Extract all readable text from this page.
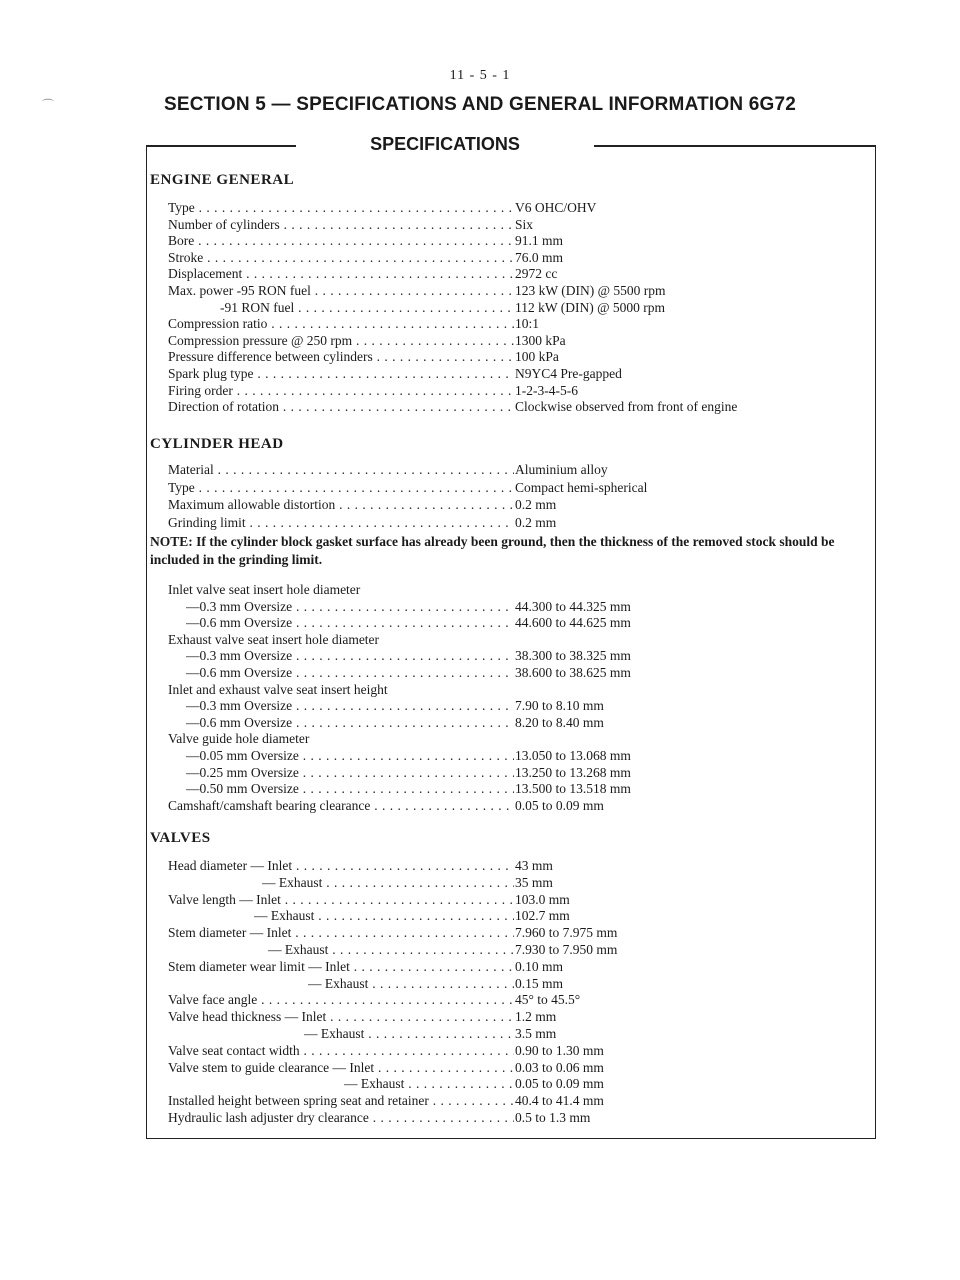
11 - 5 - 1
SECTION 5 — SPECIFICATIONS AND GENERAL INFORMATION 6G72
SPECIFICATIONS
ENGINE GENERAL
Type . . .	V6 OHC/OHV
Number of cylinders . . .	Six
Bore . . .	91.1 mm
Stroke . . .	76.0 mm
Displacement . . .	2972 cc
Max. power -95 RON fuel . . .	123 kW (DIN) @ 5500 rpm
-91 RON fuel . . .	112 kW (DIN) @ 5000 rpm
Compression ratio . . .	10:1
Compression pressure @ 250 rpm . . .	1300 kPa
Pressure difference between cylinders . . .	100 kPa
Spark plug type . . .	N9YC4 Pre-gapped
Firing order . . .	1-2-3-4-5-6
Direction of rotation . . .	Clockwise observed from front of engine
CYLINDER HEAD
Material . . .	Aluminium alloy
Type . . .	Compact hemi-spherical
Maximum allowable distortion . . .	0.2 mm
Grinding limit . . .	0.2 mm
NOTE: If the cylinder block gasket surface has already been ground, then the thickness of the removed stock should be included in the grinding limit.
Inlet valve seat insert hole diameter
—0.3 mm Oversize . . .	44.300 to 44.325 mm
—0.6 mm Oversize . . .	44.600 to 44.625 mm
Exhaust valve seat insert hole diameter
—0.3 mm Oversize . . .	38.300 to 38.325 mm
—0.6 mm Oversize . . .	38.600 to 38.625 mm
Inlet and exhaust valve seat insert height
—0.3 mm Oversize . . .	7.90 to 8.10 mm
—0.6 mm Oversize . . .	8.20 to 8.40 mm
Valve guide hole diameter
—0.05 mm Oversize . . .	13.050 to 13.068 mm
—0.25 mm Oversize . . .	13.250 to 13.268 mm
—0.50 mm Oversize . . .	13.500 to 13.518 mm
Camshaft/camshaft bearing clearance . . .	0.05 to 0.09 mm
VALVES
Head diameter — Inlet . . .	43 mm
— Exhaust . . .	35 mm
Valve length — Inlet . . .	103.0 mm
— Exhaust . . .	102.7 mm
Stem diameter — Inlet . . .	7.960 to 7.975 mm
— Exhaust . . .	7.930 to 7.950 mm
Stem diameter wear limit — Inlet . . .	0.10 mm
— Exhaust . . .	0.15 mm
Valve face angle . . .	45° to 45.5°
Valve head thickness — Inlet . . .	1.2 mm
— Exhaust . . .	3.5 mm
Valve seat contact width . . .	0.90 to 1.30 mm
Valve stem to guide clearance — Inlet . . .	0.03 to 0.06 mm
— Exhaust . . .	0.05 to 0.09 mm
Installed height between spring seat and retainer . . .	40.4 to 41.4 mm
Hydraulic lash adjuster dry clearance . . .	0.5 to 1.3 mm
⌒
